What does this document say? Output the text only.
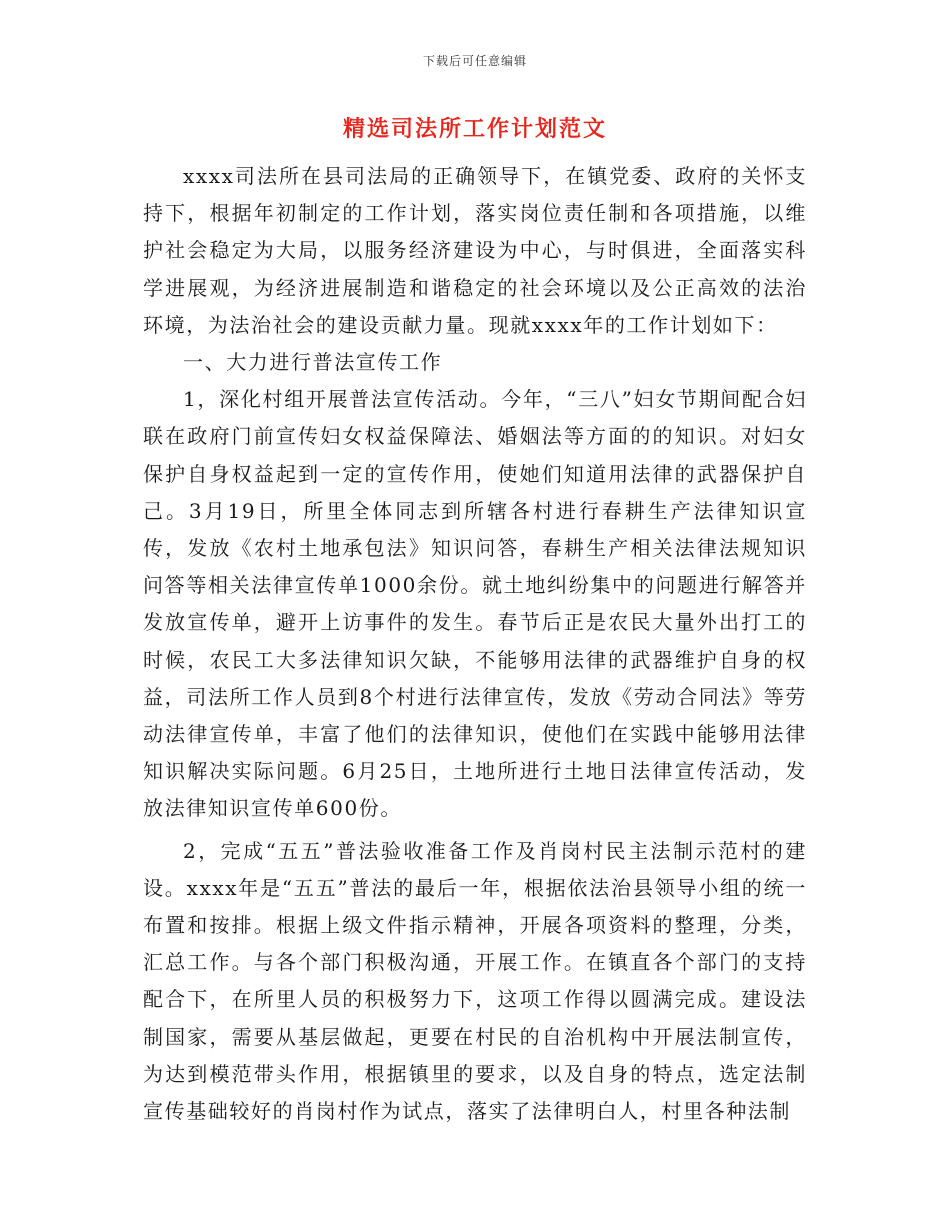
下载后可任意编辑
精选司法所工作计划范文

xxxx司法所在县司法局的正确领导下，在镇党委、政府的关怀支持下，根据年初制定的工作计划，落实岗位责任制和各项措施，以维护社会稳定为大局，以服务经济建设为中心，与时俱进，全面落实科学进展观，为经济进展制造和谐稳定的社会环境以及公正高效的法治环境，为法治社会的建设贡献力量。现就xxxx年的工作计划如下：

一、大力进行普法宣传工作

1，深化村组开展普法宣传活动。今年，“三八”妇女节期间配合妇联在政府门前宣传妇女权益保障法、婚姻法等方面的的知识。对妇女保护自身权益起到一定的宣传作用，使她们知道用法律的武器保护自己。3月19日，所里全体同志到所辖各村进行春耕生产法律知识宣传，发放《农村土地承包法》知识问答，春耕生产相关法律法规知识问答等相关法律宣传单1000余份。就土地纠纷集中的问题进行解答并发放宣传单，避开上访事件的发生。春节后正是农民大量外出打工的时候，农民工大多法律知识欠缺，不能够用法律的武器维护自身的权益，司法所工作人员到8个村进行法律宣传，发放《劳动合同法》等劳动法律宣传单，丰富了他们的法律知识，使他们在实践中能够用法律知识解决实际问题。6月25日，土地所进行土地日法律宣传活动，发放法律知识宣传单600份。

2，完成“五五”普法验收准备工作及肖岗村民主法制示范村的建设。xxxx年是“五五”普法的最后一年，根据依法治县领导小组的统一布置和按排。根据上级文件指示精神，开展各项资料的整理，分类，汇总工作。与各个部门积极沟通，开展工作。在镇直各个部门的支持配合下，在所里人员的积极努力下，这项工作得以圆满完成。建设法制国家，需要从基层做起，更要在村民的自治机构中开展法制宣传，为达到模范带头作用，根据镇里的要求，以及自身的特点，选定法制宣传基础较好的肖岗村作为试点，落实了法律明白人，村里各种法制
